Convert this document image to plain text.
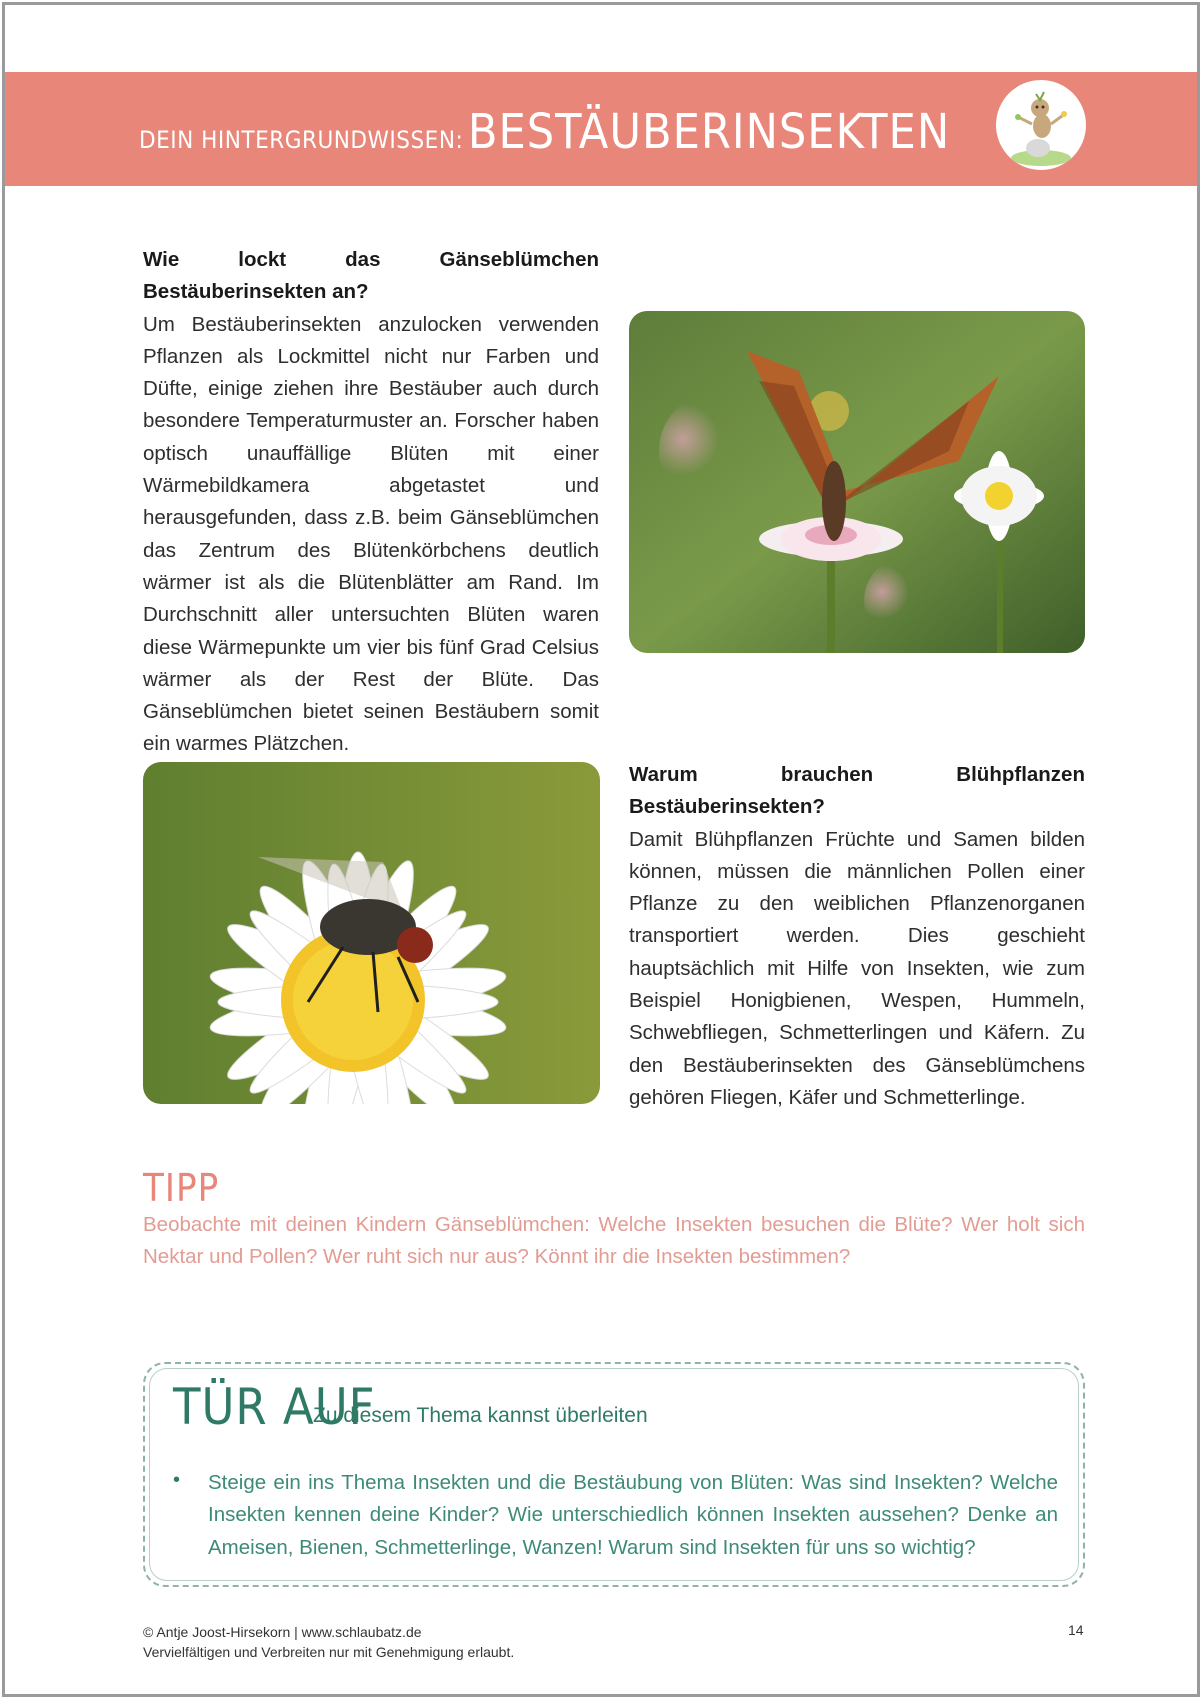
DEIN HINTERGRUNDWISSEN: BESTÄUBERINSEKTEN
Wie lockt das Gänseblümchen Bestäuberinsekten an?
Um Bestäuberinsekten anzulocken verwenden Pflanzen als Lockmittel nicht nur Farben und Düfte, einige ziehen ihre Bestäuber auch durch besondere Temperaturmuster an. Forscher haben optisch unauffällige Blüten mit einer Wärmebildkamera abgetastet und herausgefunden, dass z.B. beim Gänseblümchen das Zentrum des Blütenkörbchens deutlich wärmer ist als die Blütenblätter am Rand. Im Durchschnitt aller untersuchten Blüten waren diese Wärmepunkte um vier bis fünf Grad Celsius wärmer als der Rest der Blüte. Das Gänseblümchen bietet seinen Bestäubern somit ein warmes Plätzchen.
Warum brauchen Blühpflanzen Bestäuberinsekten?
Damit Blühpflanzen Früchte und Samen bilden können, müssen die männlichen Pollen einer Pflanze zu den weiblichen Pflanzenorganen transportiert werden. Dies geschieht hauptsächlich mit Hilfe von Insekten, wie zum Beispiel Honigbienen, Wespen, Hummeln, Schwebfliegen, Schmetterlingen und Käfern. Zu den Bestäuberinsekten des Gänseblümchens gehören Fliegen, Käfer und Schmetterlinge.
TIPP
Beobachte mit deinen Kindern Gänseblümchen: Welche Insekten besuchen die Blüte? Wer holt sich Nektar und Pollen? Wer ruht sich nur aus? Könnt ihr die Insekten bestimmen?
TÜR AUF
Zu diesem Thema kannst überleiten
• Steige ein ins Thema Insekten und die Bestäubung von Blüten: Was sind Insekten? Welche Insekten kennen deine Kinder? Wie unterschiedlich können Insekten aussehen? Denke an Ameisen, Bienen, Schmetterlinge, Wanzen! Warum sind Insekten für uns so wichtig?
© Antje Joost-Hirsekorn | www.schlaubatz.de
Vervielfältigen und Verbreiten nur mit Genehmigung erlaubt.
14
